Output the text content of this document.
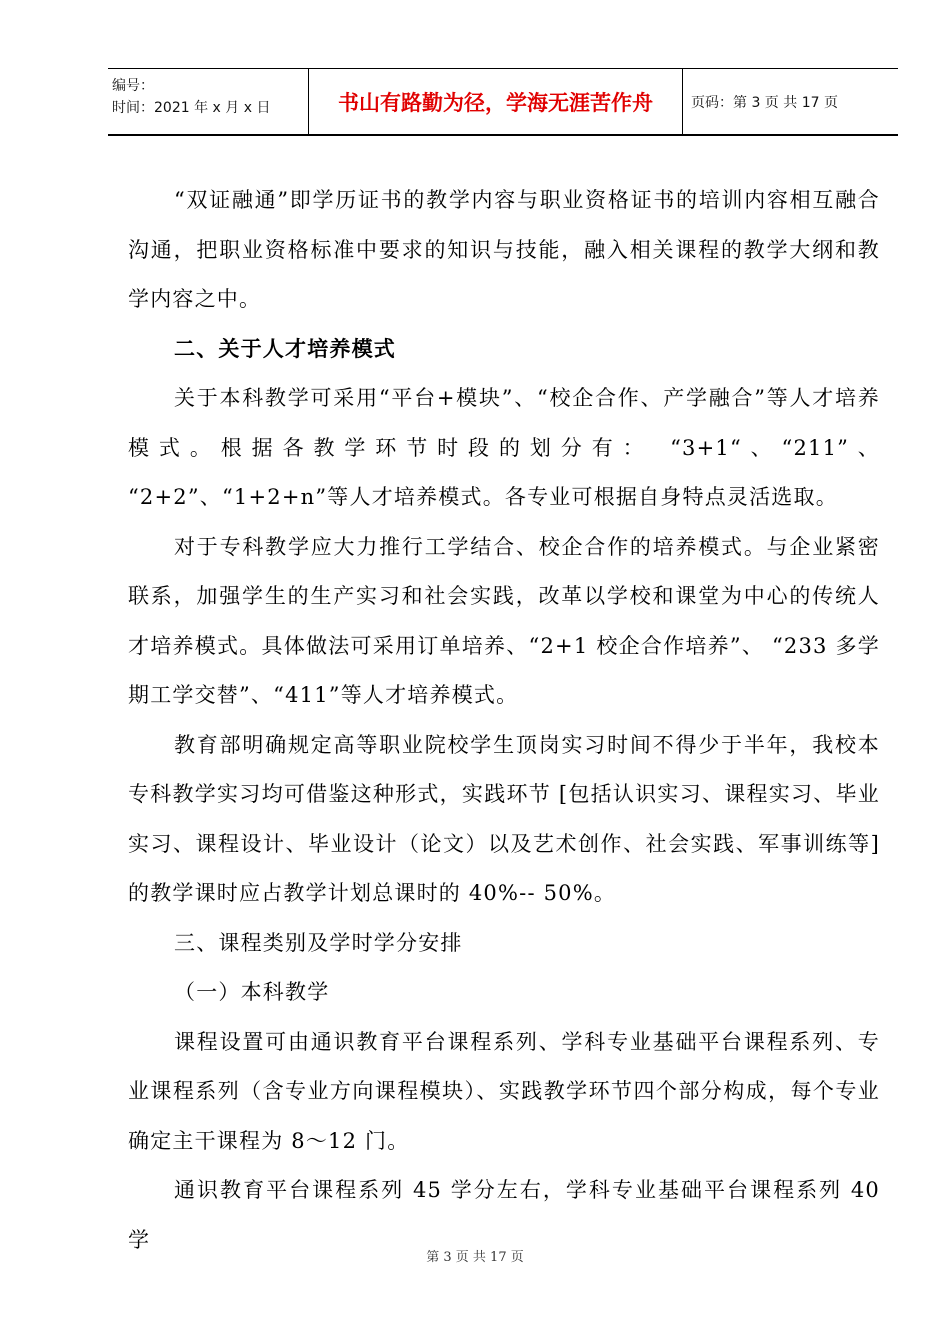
编号：
时间：2021 年 x 月 x 日	书山有路勤为径，学海无涯苦作舟	页码：第 3 页 共 17 页

“双证融通”即学历证书的教学内容与职业资格证书的培训内容相互融合沟通，把职业资格标准中要求的知识与技能，融入相关课程的教学大纲和教学内容之中。

二、关于人才培养模式

关于本科教学可采用“平台+模块”、“校企合作、产学融合”等人才培养模式。根据各教学环节时段的划分有： “3+1“、“211”、 “2+2”、“1+2+n”等人才培养模式。各专业可根据自身特点灵活选取。

对于专科教学应大力推行工学结合、校企合作的培养模式。与企业紧密联系，加强学生的生产实习和社会实践，改革以学校和课堂为中心的传统人才培养模式。具体做法可采用订单培养、“2+1 校企合作培养”、 “233 多学期工学交替”、“411”等人才培养模式。

教育部明确规定高等职业院校学生顶岗实习时间不得少于半年，我校本专科教学实习均可借鉴这种形式，实践环节 [包括认识实习、课程实习、毕业实习、课程设计、毕业设计（论文）以及艺术创作、社会实践、军事训练等]的教学课时应占教学计划总课时的 40%-- 50%。

三、课程类别及学时学分安排

（一）本科教学

课程设置可由通识教育平台课程系列、学科专业基础平台课程系列、专业课程系列（含专业方向课程模块）、实践教学环节四个部分构成，每个专业确定主干课程为 8～12 门。

通识教育平台课程系列 45 学分左右，学科专业基础平台课程系列 40 学

第 3 页 共 17 页
